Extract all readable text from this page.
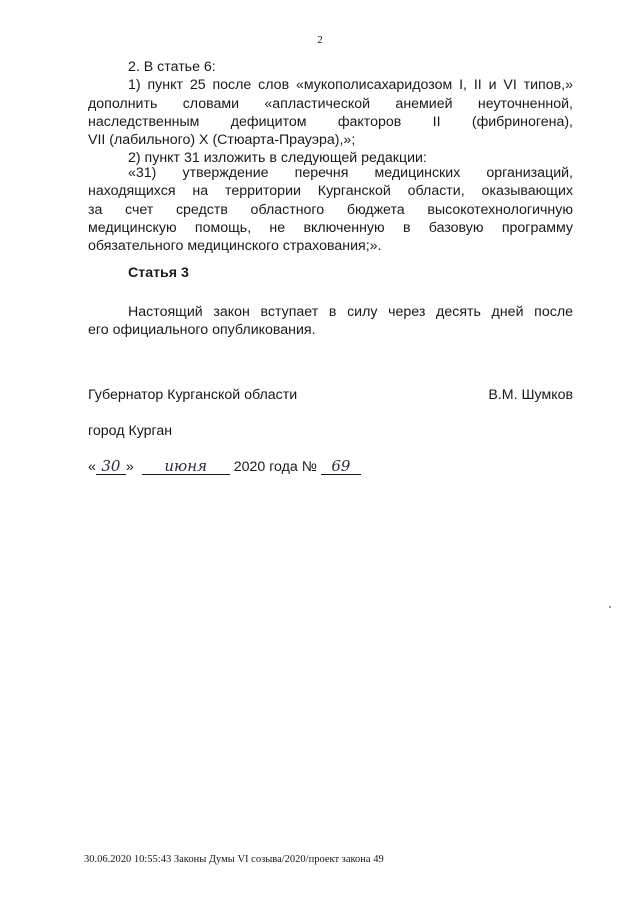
2
2. В статье 6:
1) пункт 25 после слов «мукополисахаридозом I, II и VI типов,»
дополнить словами «апластической анемией неуточненной,
наследственным дефицитом факторов II (фибриногена),
VII (лабильного) X (Стюарта-Прауэра),»;
2) пункт 31 изложить в следующей редакции:
«31) утверждение перечня медицинских организаций,
находящихся на территории Курганской области, оказывающих
за счет средств областного бюджета высокотехнологичную
медицинскую помощь, не включенную в базовую программу
обязательного медицинского страхования;».
Статья 3
Настоящий закон вступает в силу через десять дней после
его официального опубликования.
Губернатор Курганской области	В.М. Шумков
город Курган
« 30 » июня 2020 года № 69
30.06.2020 10:55:43 Законы Думы VI созыва/2020/проект закона 49
